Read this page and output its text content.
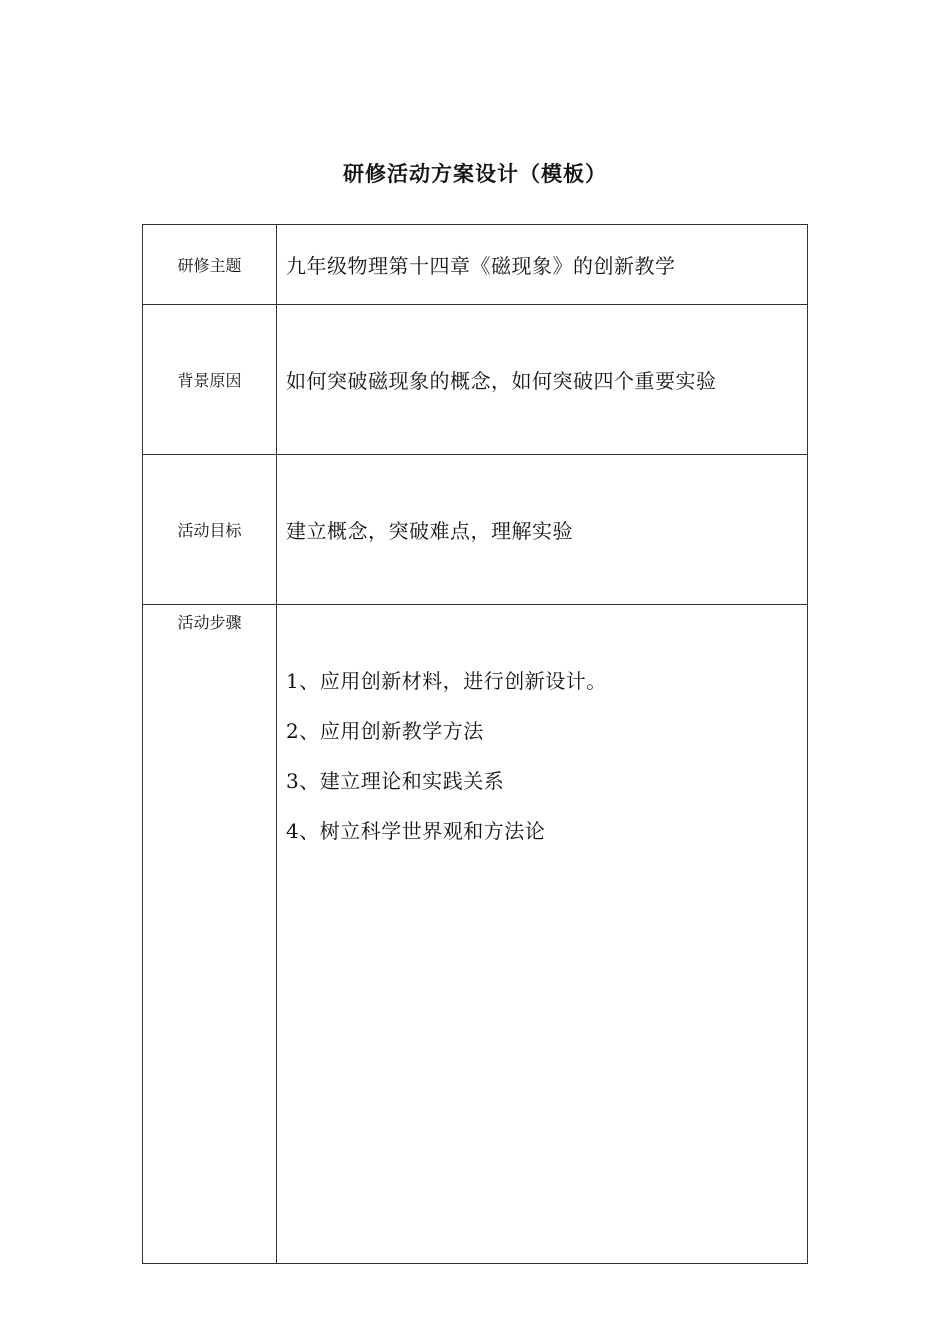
研修活动方案设计（模板）
研修主题	九年级物理第十四章《磁现象》的创新教学
背景原因	如何突破磁现象的概念，如何突破四个重要实验
活动目标	建立概念，突破难点，理解实验
活动步骤	1、应用创新材料，进行创新设计。
2、应用创新教学方法
3、建立理论和实践关系
4、树立科学世界观和方法论
